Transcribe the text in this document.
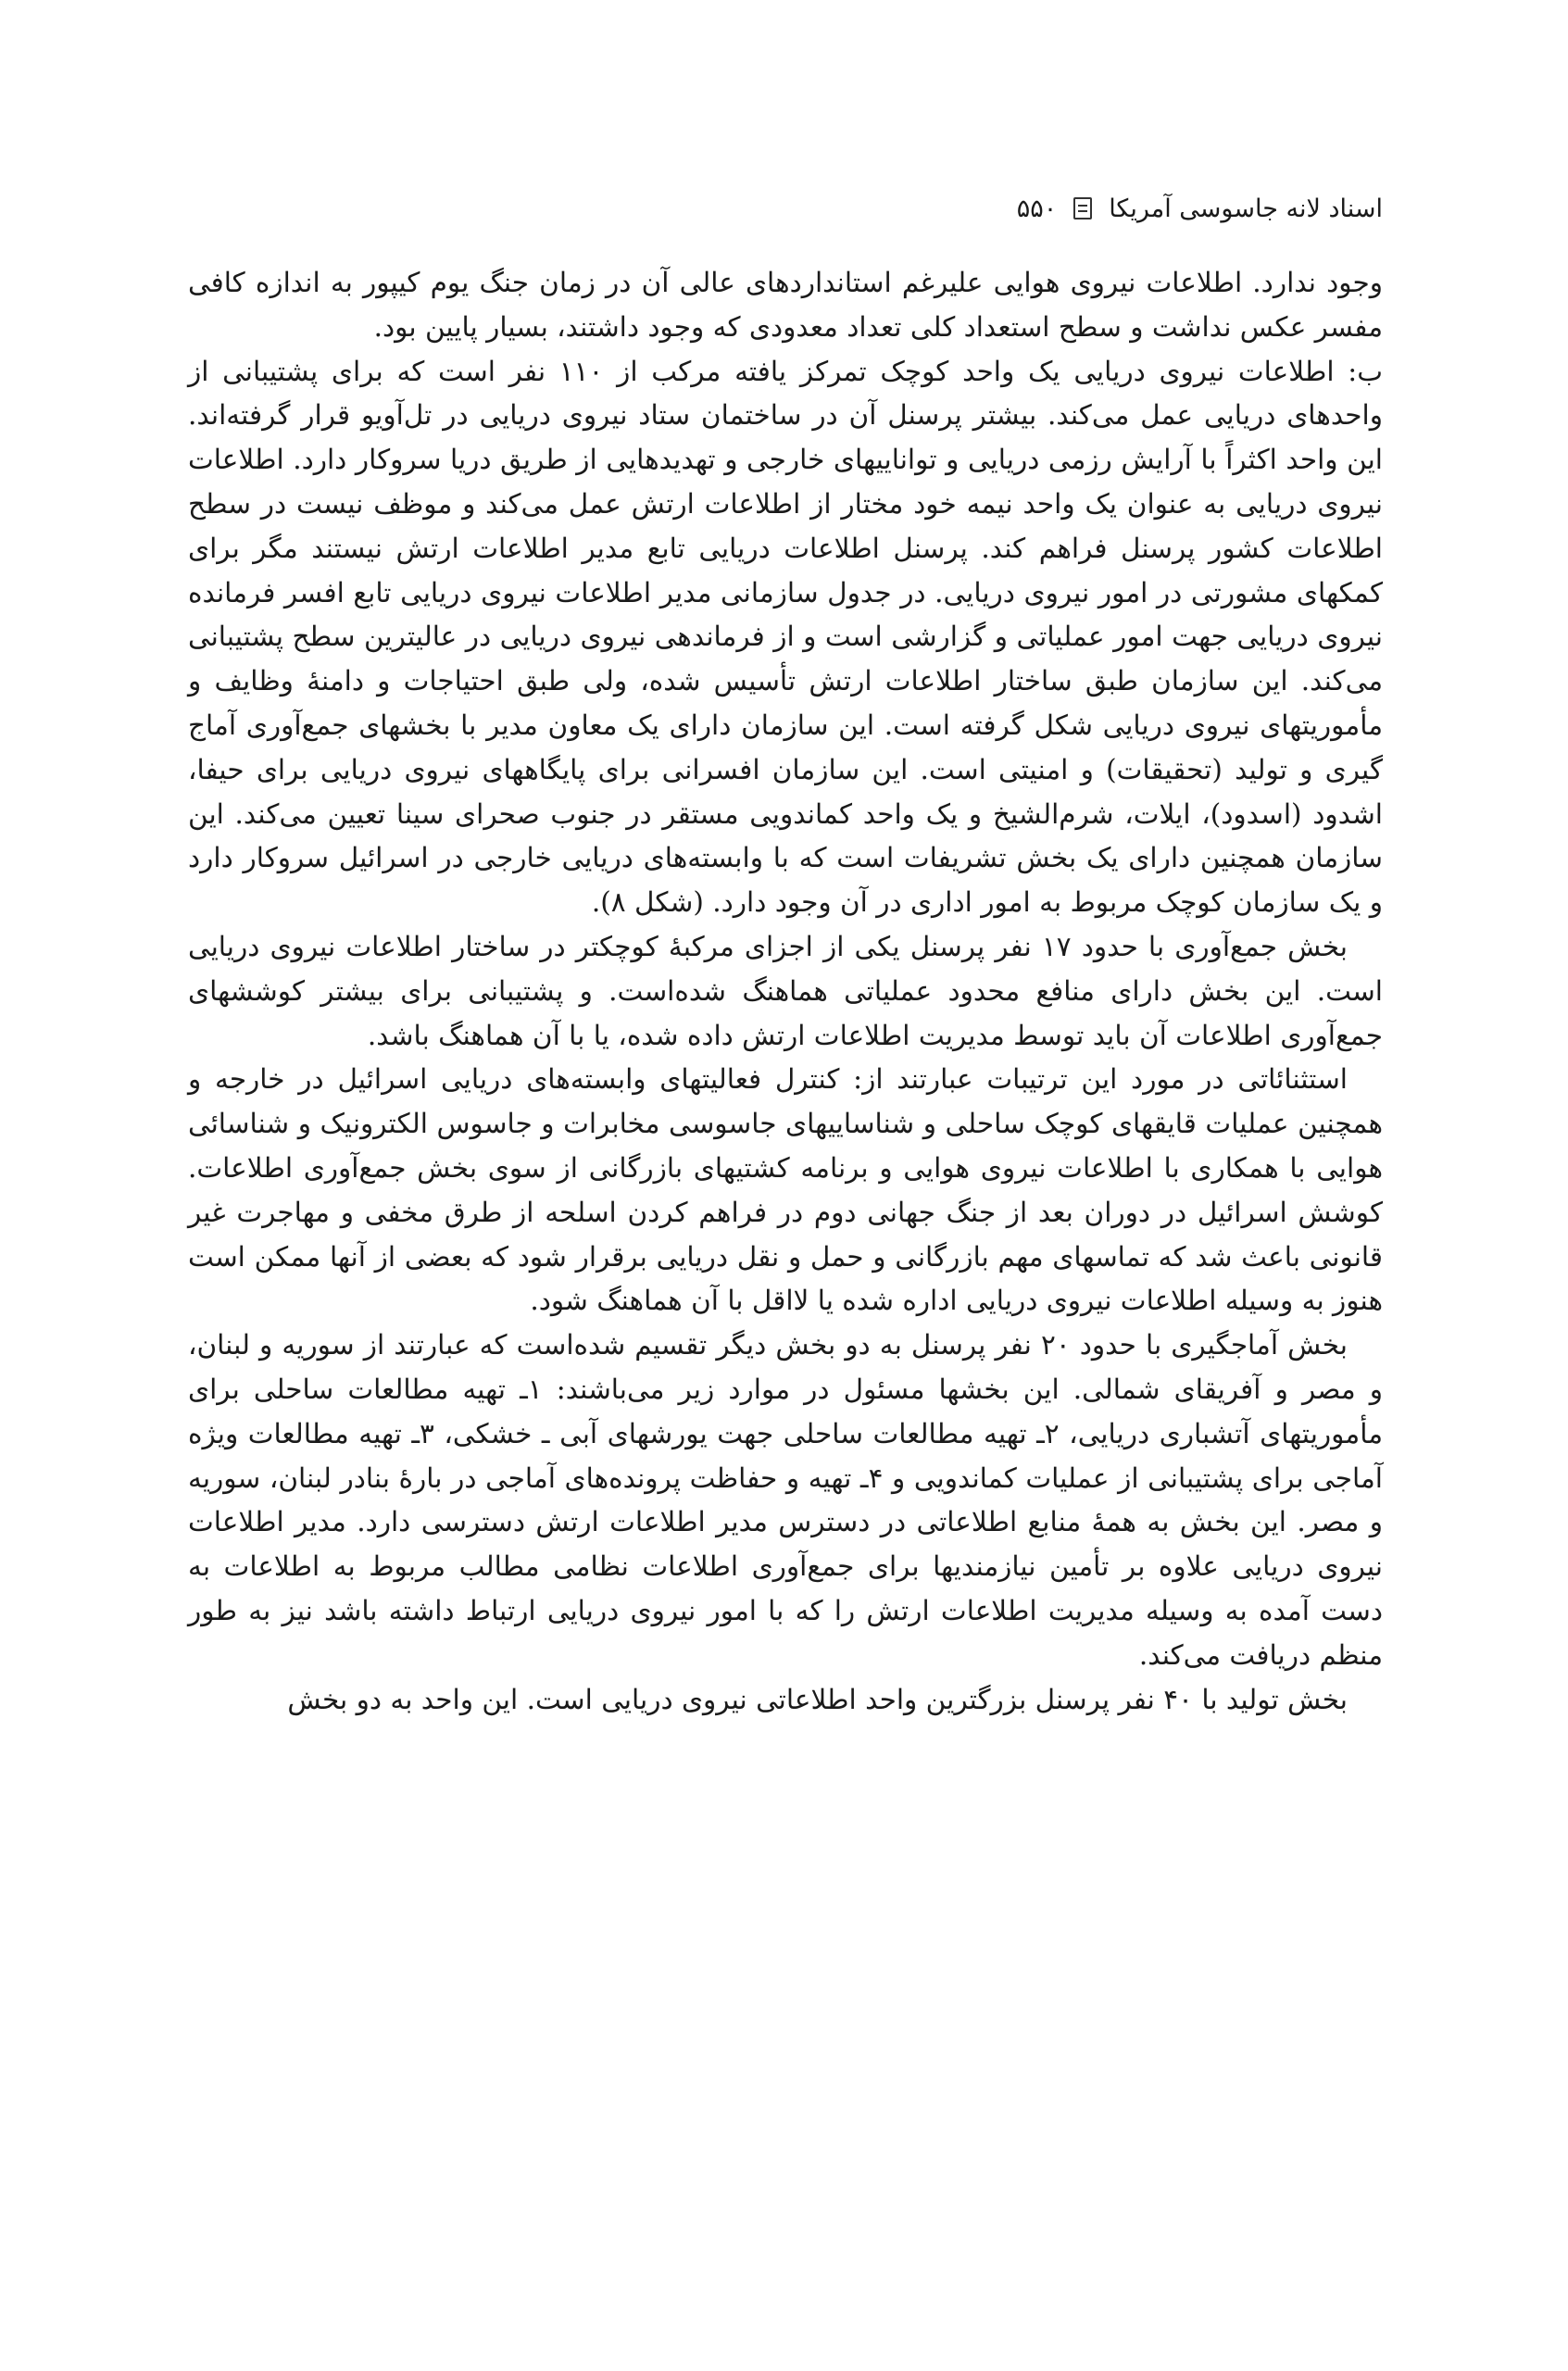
اسناد لانه جاسوسی آمریکا
۵۵۰

وجود ندارد. اطلاعات نیروی هوایی علیرغم استانداردهای عالی آن در زمان جنگ یوم کیپور به اندازه کافی مفسر عکس نداشت و سطح استعداد کلی تعداد معدودی که وجود داشتند، بسیار پایین بود.

ب: اطلاعات نیروی دریایی یک واحد کوچک تمرکز یافته مرکب از ۱۱۰ نفر است که برای پشتیبانی از واحدهای دریایی عمل می‌کند. بیشتر پرسنل آن در ساختمان ستاد نیروی دریایی در تل‌آویو قرار گرفته‌اند. این واحد اکثراً با آرایش رزمی دریایی و تواناییهای خارجی و تهدیدهایی از طریق دریا سروکار دارد. اطلاعات نیروی دریایی به عنوان یک واحد نیمه خود مختار از اطلاعات ارتش عمل می‌کند و موظف نیست در سطح اطلاعات کشور پرسنل فراهم کند. پرسنل اطلاعات دریایی تابع مدیر اطلاعات ارتش نیستند مگر برای کمکهای مشورتی در امور نیروی دریایی. در جدول سازمانی مدیر اطلاعات نیروی دریایی تابع افسر فرمانده نیروی دریایی جهت امور عملیاتی و گزارشی است و از فرماندهی نیروی دریایی در عالیترین سطح پشتیبانی می‌کند. این سازمان طبق ساختار اطلاعات ارتش تأسیس شده، ولی طبق احتیاجات و دامنهٔ وظایف و مأموریتهای نیروی دریایی شکل گرفته است. این سازمان دارای یک معاون مدیر با بخشهای جمع‌آوری آماج گیری و تولید (تحقیقات) و امنیتی است. این سازمان افسرانی برای پایگاههای نیروی دریایی برای حیفا، اشدود (اسدود)، ایلات، شرم‌الشیخ و یک واحد کماندویی مستقر در جنوب صحرای سینا تعیین می‌کند. این سازمان همچنین دارای یک بخش تشریفات است که با وابسته‌های دریایی خارجی در اسرائیل سروکار دارد و یک سازمان کوچک مربوط به امور اداری در آن وجود دارد. (شکل ۸).

بخش جمع‌آوری با حدود ۱۷ نفر پرسنل یکی از اجزای مرکبهٔ کوچکتر در ساختار اطلاعات نیروی دریایی است. این بخش دارای منافع محدود عملیاتی هماهنگ شده‌است. و پشتیبانی برای بیشتر کوششهای جمع‌آوری اطلاعات آن باید توسط مدیریت اطلاعات ارتش داده شده، یا با آن هماهنگ باشد.

استثنائاتی در مورد این ترتیبات عبارتند از: کنترل فعالیتهای وابسته‌های دریایی اسرائیل در خارجه و همچنین عملیات قایقهای کوچک ساحلی و شناساییهای جاسوسی مخابرات و جاسوس الکترونیک و شناسائی هوایی با همکاری با اطلاعات نیروی هوایی و برنامه کشتیهای بازرگانی از سوی بخش جمع‌آوری اطلاعات. کوشش اسرائیل در دوران بعد از جنگ جهانی دوم در فراهم کردن اسلحه از طرق مخفی و مهاجرت غیر قانونی باعث شد که تماسهای مهم بازرگانی و حمل و نقل دریایی برقرار شود که بعضی از آنها ممکن است هنوز به وسیله اطلاعات نیروی دریایی اداره شده یا لااقل با آن هماهنگ شود.

بخش آماجگیری با حدود ۲۰ نفر پرسنل به دو بخش دیگر تقسیم شده‌است که عبارتند از سوریه و لبنان، و مصر و آفریقای شمالی. این بخشها مسئول در موارد زیر می‌باشند: ۱ـ تهیه مطالعات ساحلی برای مأموریتهای آتشباری دریایی، ۲ـ تهیه مطالعات ساحلی جهت یورشهای آبی ـ خشکی، ۳ـ تهیه مطالعات ویژه آماجی برای پشتیبانی از عملیات کماندویی و ۴ـ تهیه و حفاظت پرونده‌های آماجی در بارهٔ بنادر لبنان، سوریه و مصر. این بخش به همهٔ منابع اطلاعاتی در دسترس مدیر اطلاعات ارتش دسترسی دارد. مدیر اطلاعات نیروی دریایی علاوه بر تأمین نیازمندیها برای جمع‌آوری اطلاعات نظامی مطالب مربوط به اطلاعات به دست آمده به وسیله مدیریت اطلاعات ارتش را که با امور نیروی دریایی ارتباط داشته باشد نیز به طور منظم دریافت می‌کند.

بخش تولید با ۴۰ نفر پرسنل بزرگترین واحد اطلاعاتی نیروی دریایی است. این واحد به دو بخش
